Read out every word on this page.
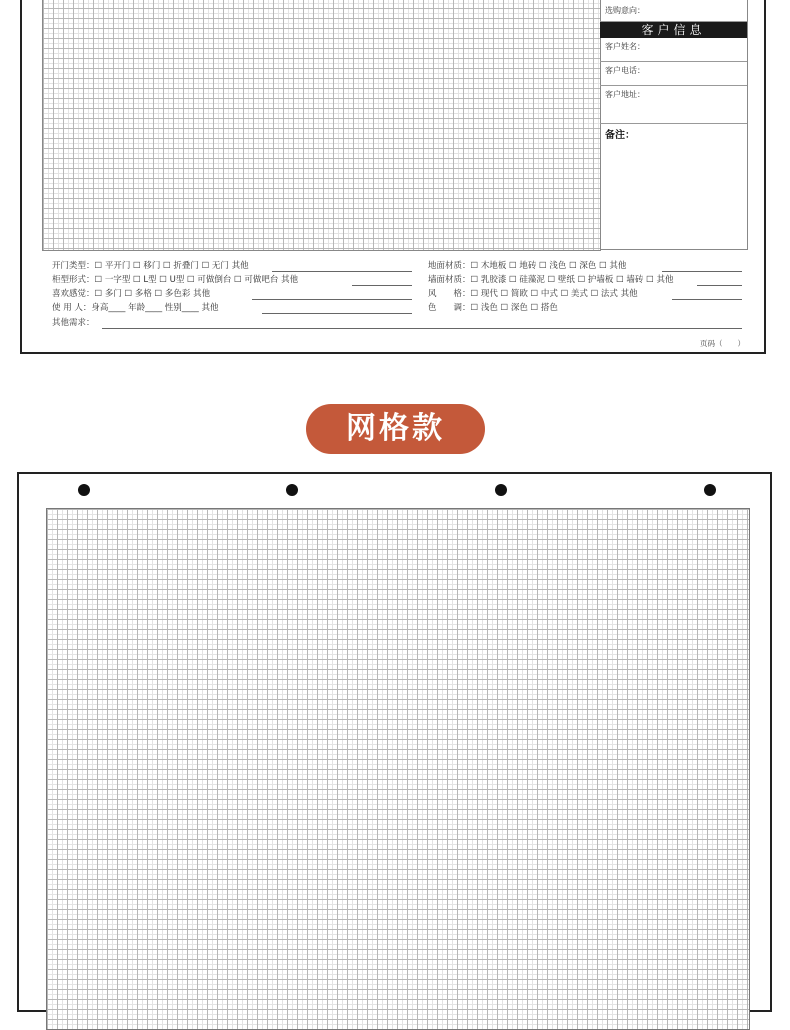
选购意向：
客户信息
客户姓名：
客户电话：
客户地址：
备注：
开门类型：☐ 平开门 ☐ 移门 ☐ 折叠门 ☐ 无门 其他
柜型形式：☐ 一字型 ☐ L型 ☐ U型 ☐ 可做倒台 ☐ 可做吧台 其他
喜欢感觉：☐ 多门 ☐ 多格 ☐ 多色彩 其他
使 用 人：身高____ 年龄____ 性别____ 其他
其他需求：
地面材质：☐ 木地板 ☐ 地砖 ☐ 浅色 ☐ 深色 ☐ 其他
墙面材质：☐ 乳胶漆 ☐ 硅藻泥 ☐ 壁纸 ☐ 护墙板 ☐ 墙砖 ☐ 其他
风　　格：☐ 现代 ☐ 简欧 ☐ 中式 ☐ 美式 ☐ 法式 其他
色　　调：☐ 浅色 ☐ 深色 ☐ 搭色
页码（　　）
网格款
